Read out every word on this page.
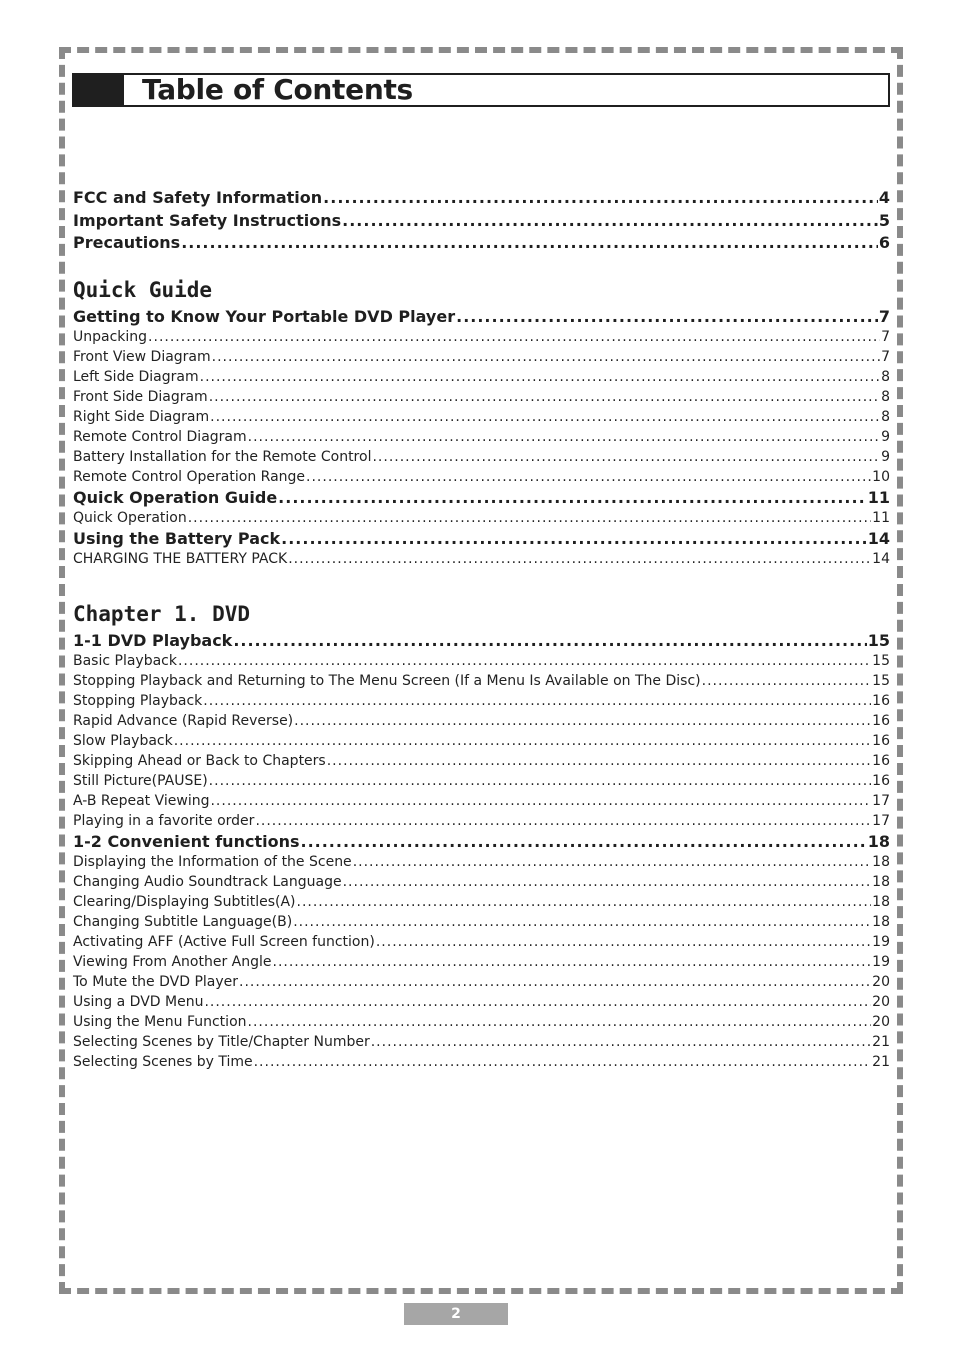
Table of Contents
FCC and Safety Information .....	4
Important Safety Instructions .....	5
Precautions .....	6
Quick Guide
Getting to Know Your Portable DVD Player .....	7
Unpacking .....	7
Front View Diagram .....	7
Left Side Diagram .....	8
Front Side Diagram .....	8
Right Side Diagram .....	8
Remote Control Diagram .....	9
Battery Installation for the Remote Control .....	9
Remote Control Operation Range .....	10
Quick Operation Guide .....	11
Quick Operation .....	11
Using the Battery Pack .....	14
CHARGING THE BATTERY PACK .....	14
Chapter 1. DVD
1-1 DVD Playback .....	15
Basic Playback .....	15
Stopping Playback and Returning to The Menu Screen (If a Menu Is Available on The Disc) .....	15
Stopping Playback .....	16
Rapid Advance (Rapid Reverse) .....	16
Slow Playback .....	16
Skipping Ahead or Back to Chapters .....	16
Still Picture(PAUSE) .....	16
A-B Repeat Viewing .....	17
Playing in a favorite order .....	17
1-2 Convenient functions .....	18
Displaying the Information of the Scene .....	18
Changing Audio Soundtrack Language .....	18
Clearing/Displaying Subtitles(A) .....	18
Changing Subtitle Language(B) .....	18
Activating AFF (Active Full Screen function) .....	19
Viewing From Another Angle .....	19
To Mute the DVD Player .....	20
Using a DVD Menu .....	20
Using the Menu Function .....	20
Selecting Scenes by Title/Chapter Number .....	21
Selecting Scenes by Time .....	21
2
